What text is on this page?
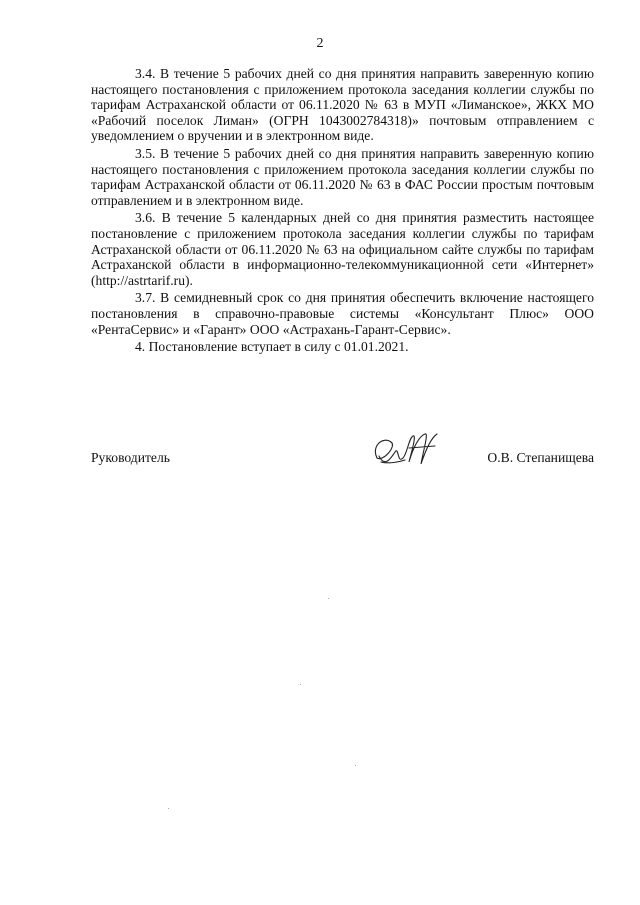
2

3.4. В течение 5 рабочих дней со дня принятия направить заверенную копию настоящего постановления с приложением протокола заседания коллегии службы по тарифам Астраханской области от 06.11.2020 № 63 в МУП «Лиманское», ЖКХ МО «Рабочий поселок Лиман» (ОГРН 1043002784318)» почтовым отправлением с уведомлением о вручении и в электронном виде.

3.5. В течение 5 рабочих дней со дня принятия направить заверенную копию настоящего постановления с приложением протокола заседания коллегии службы по тарифам Астраханской области от 06.11.2020 № 63 в ФАС России простым почтовым отправлением и в электронном виде.

3.6. В течение 5 календарных дней со дня принятия разместить настоящее постановление с приложением протокола заседания коллегии службы по тарифам Астраханской области от 06.11.2020 № 63 на официальном сайте службы по тарифам Астраханской области в информационно-телекоммуникационной сети «Интернет» (http://astrtarif.ru).

3.7. В семидневный срок со дня принятия обеспечить включение настоящего постановления в справочно-правовые системы «Консультант Плюс» ООО «РентаСервис» и «Гарант» ООО «Астрахань-Гарант-Сервис».

4. Постановление вступает в силу с 01.01.2021.

Руководитель	О.В. Степанищева
